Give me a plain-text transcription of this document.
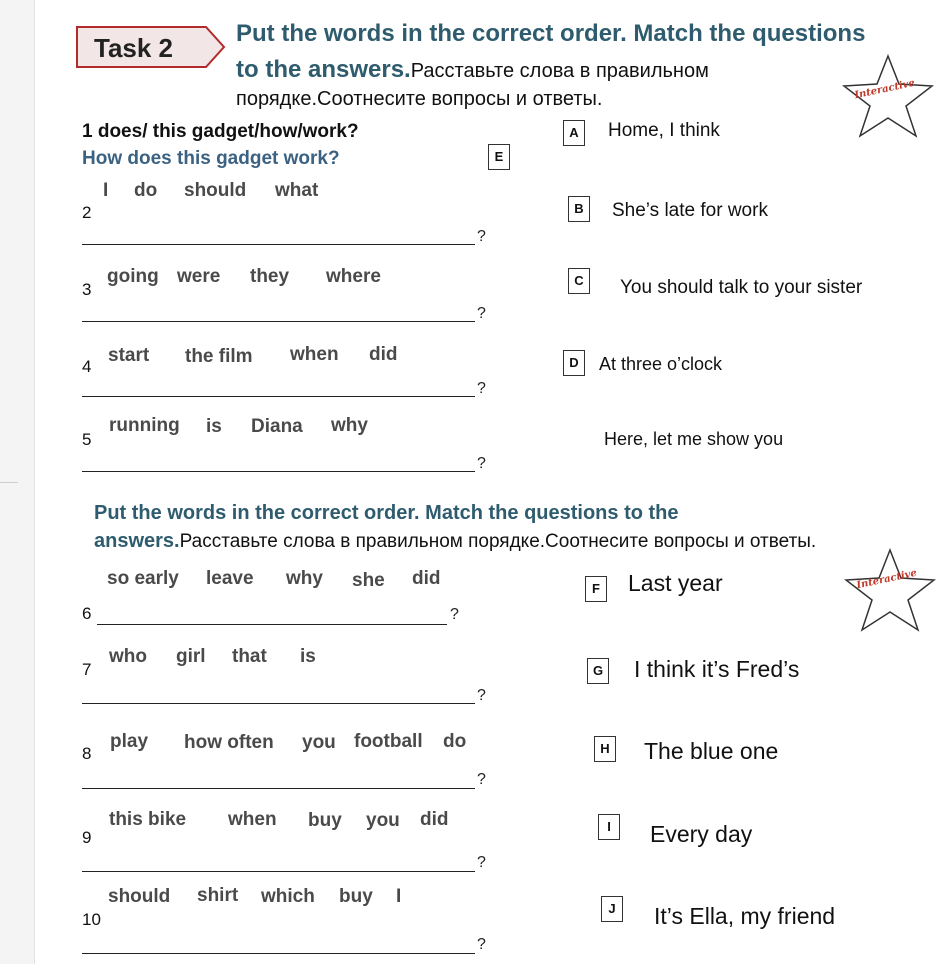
Task 2	Put the words in the correct order. Match the questions
to the answers.Расставьте слова в правильном
порядке.Соотнесите вопросы и ответы.	Interactive
1 does/ this gadget/how/work?
How does this gadget work?	E
2
I do should what
?
3
going were they where
?
4
start the film when did
?
5
running is Diana why
?
A	Home, I think
B	She’s late for work
C	You should talk to your sister
D	At three o’clock
Here, let me show you
Put the words in the correct order. Match the questions to the
answers.Расставьте слова в правильном порядке.Соотнесите вопросы и ответы.
Interactive
so early leave why she did
6	?
7
who girl that is
?
8
play how often you football do
?
9
this bike when buy you did
?
should shirt which buy I
10
?
F	Last year
G I think it’s Fred’s
H The blue one
I	Every day
J	It’s Ella, my friend
